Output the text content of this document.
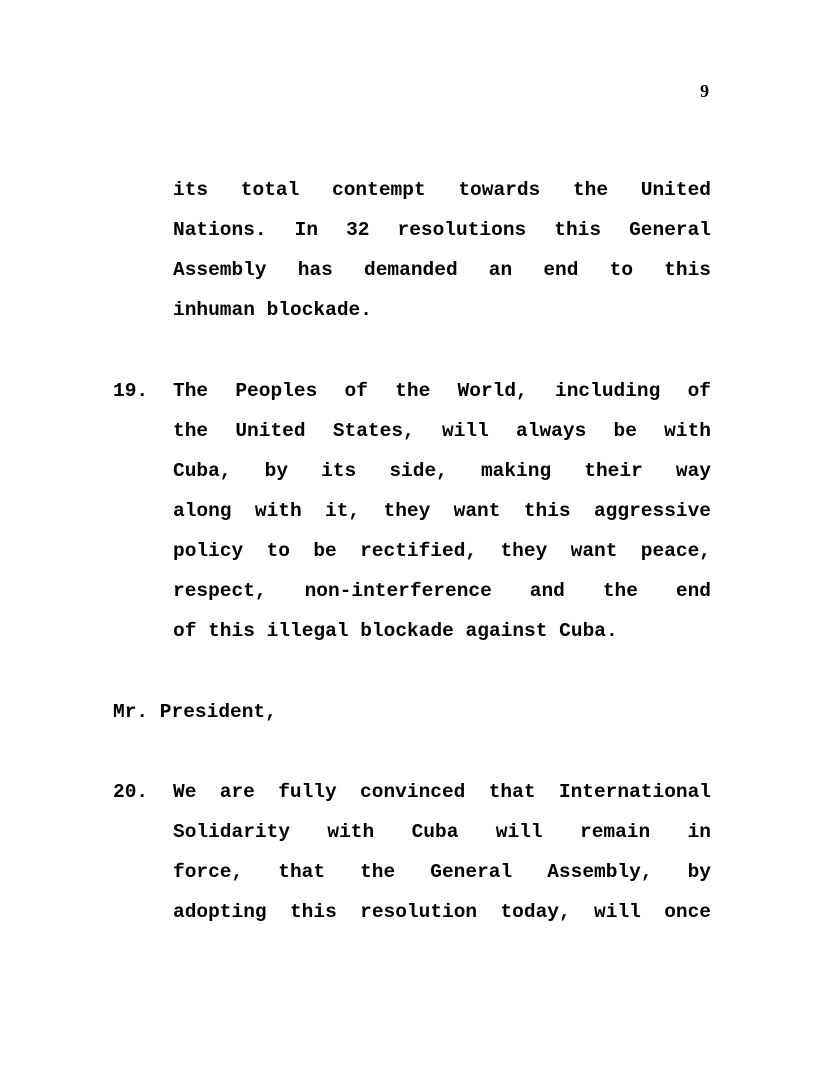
9
its total contempt towards the United
Nations. In 32 resolutions this General
Assembly has demanded an end to this
inhuman blockade.
19. The Peoples of the World, including of
the United States, will always be with
Cuba, by its side, making their way
along with it, they want this aggressive
policy to be rectified, they want peace,
respect, non-interference and the end
of this illegal blockade against Cuba.
Mr. President,
20. We are fully convinced that International
Solidarity with Cuba will remain in
force, that the General Assembly, by
adopting this resolution today, will once
